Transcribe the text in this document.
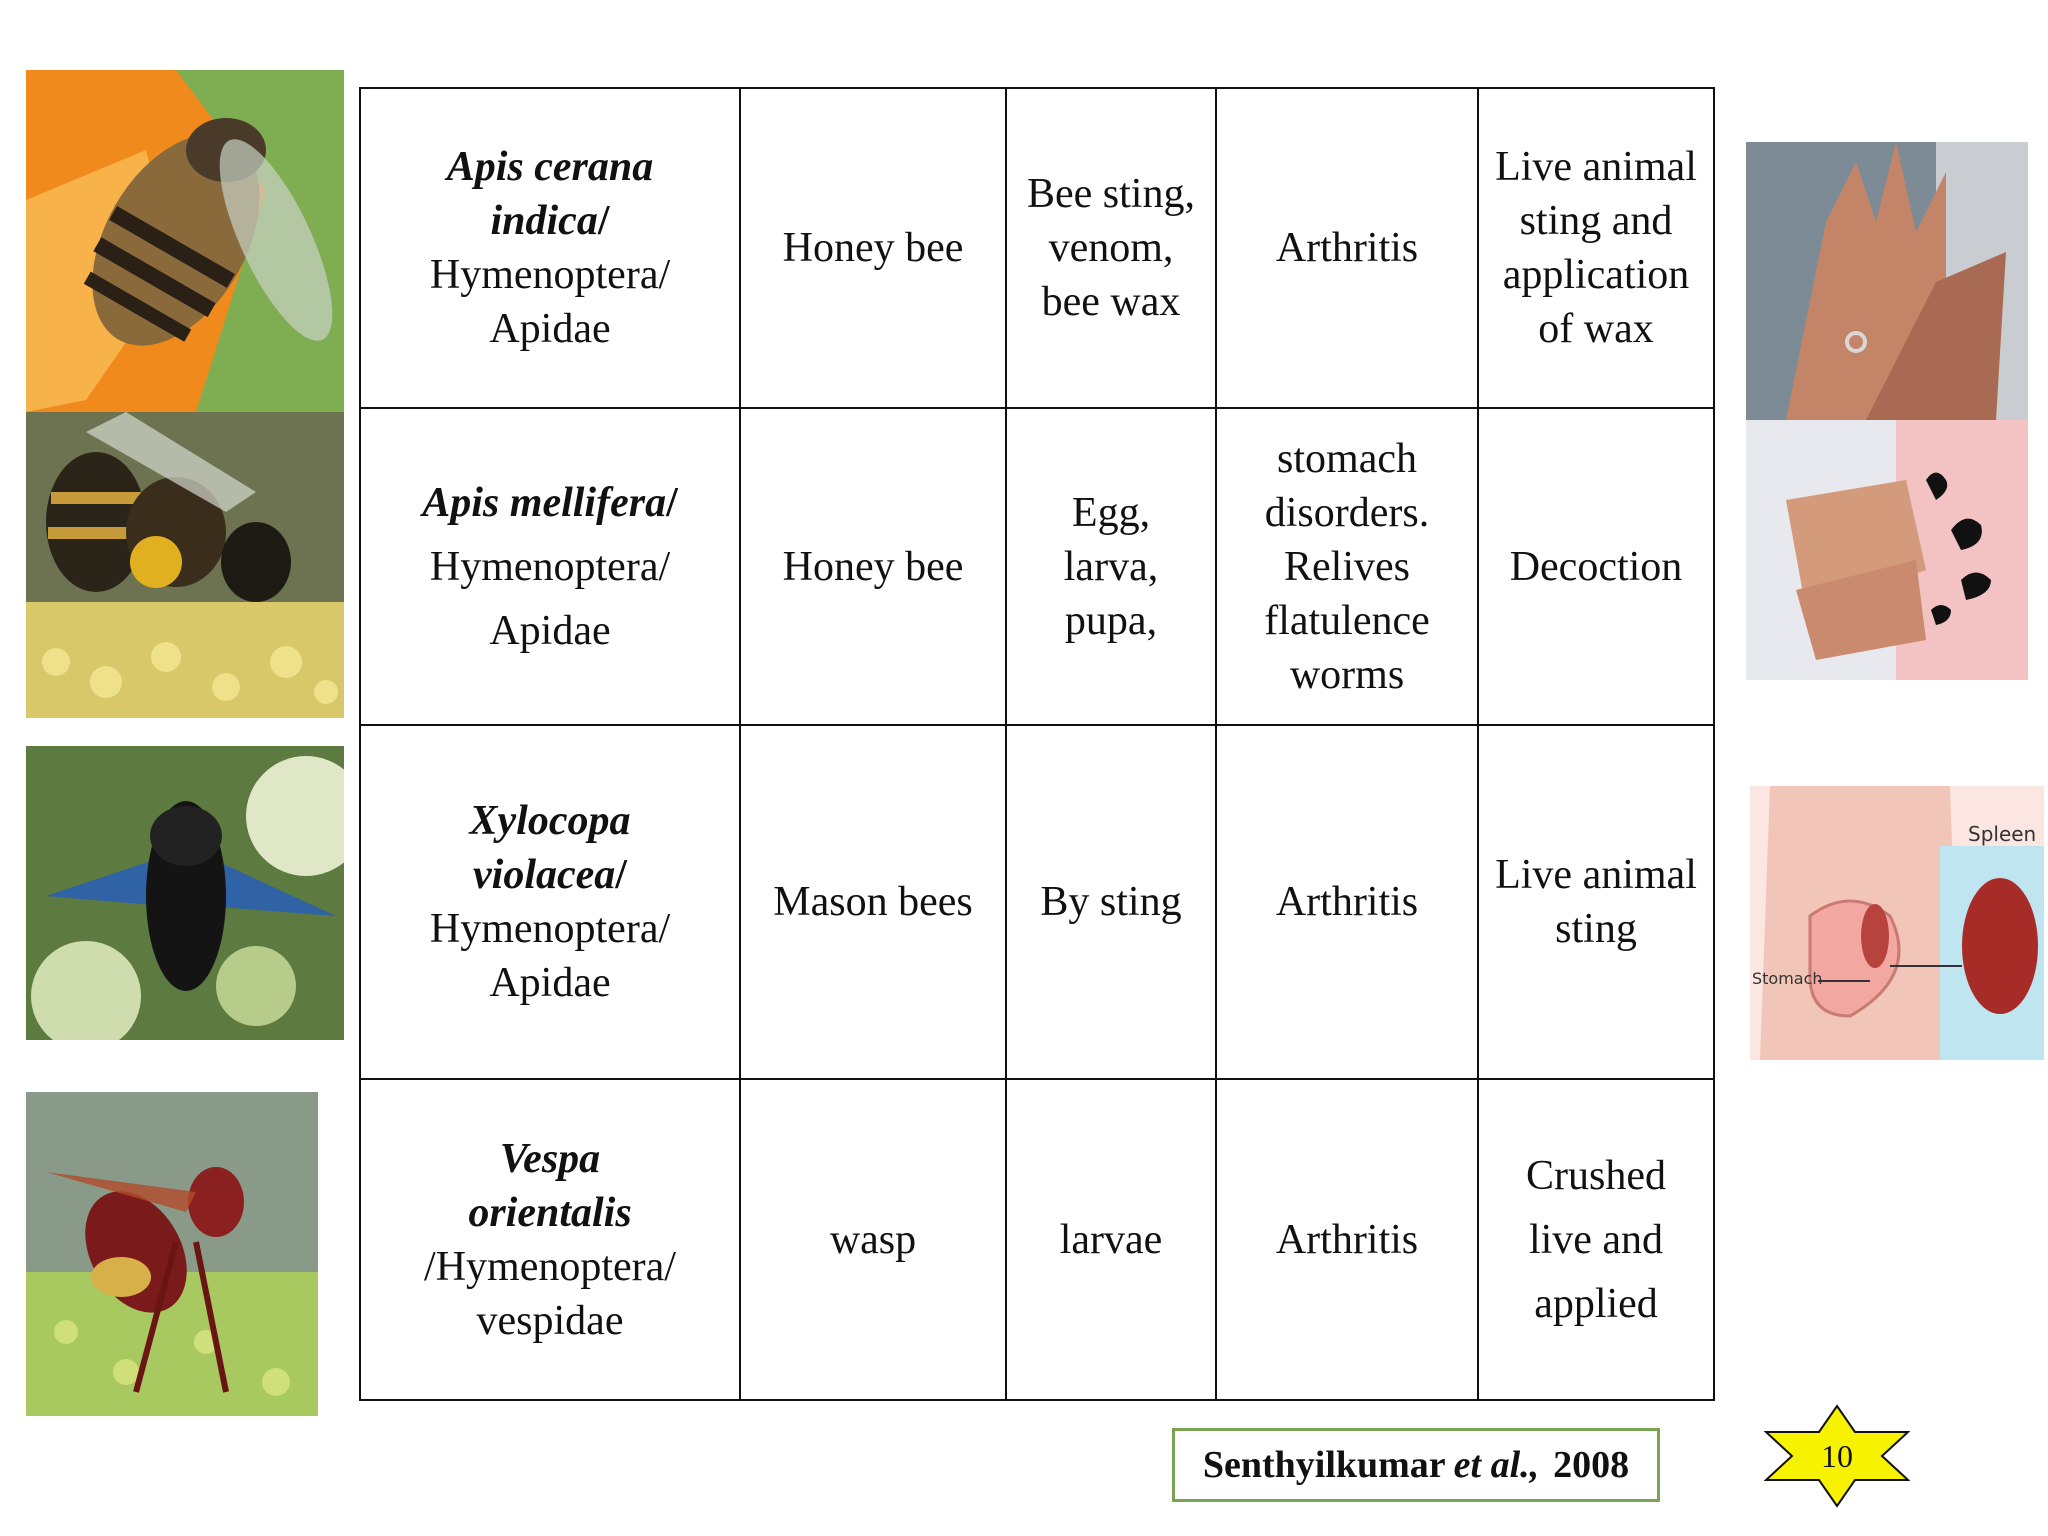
Spleen
Stomach
Apis cerana
indica/
Hymenoptera/
Apidae	Honey bee	Bee sting,
venom,
bee wax	Arthritis	Live animal
sting and
application
of wax

Apis mellifera/
Hymenoptera/
Apidae	Honey bee	Egg,
larva,
pupa,	stomach
disorders.
Relives
flatulence
worms	Decoction

Xylocopa
violacea/
Hymenoptera/
Apidae	Mason bees	By sting	Arthritis	Live animal
sting

Vespa
orientalis
/Hymenoptera/
vespidae	wasp	larvae	Arthritis	Crushed
live and
applied
Senthyilkumar et al., 2008	10
